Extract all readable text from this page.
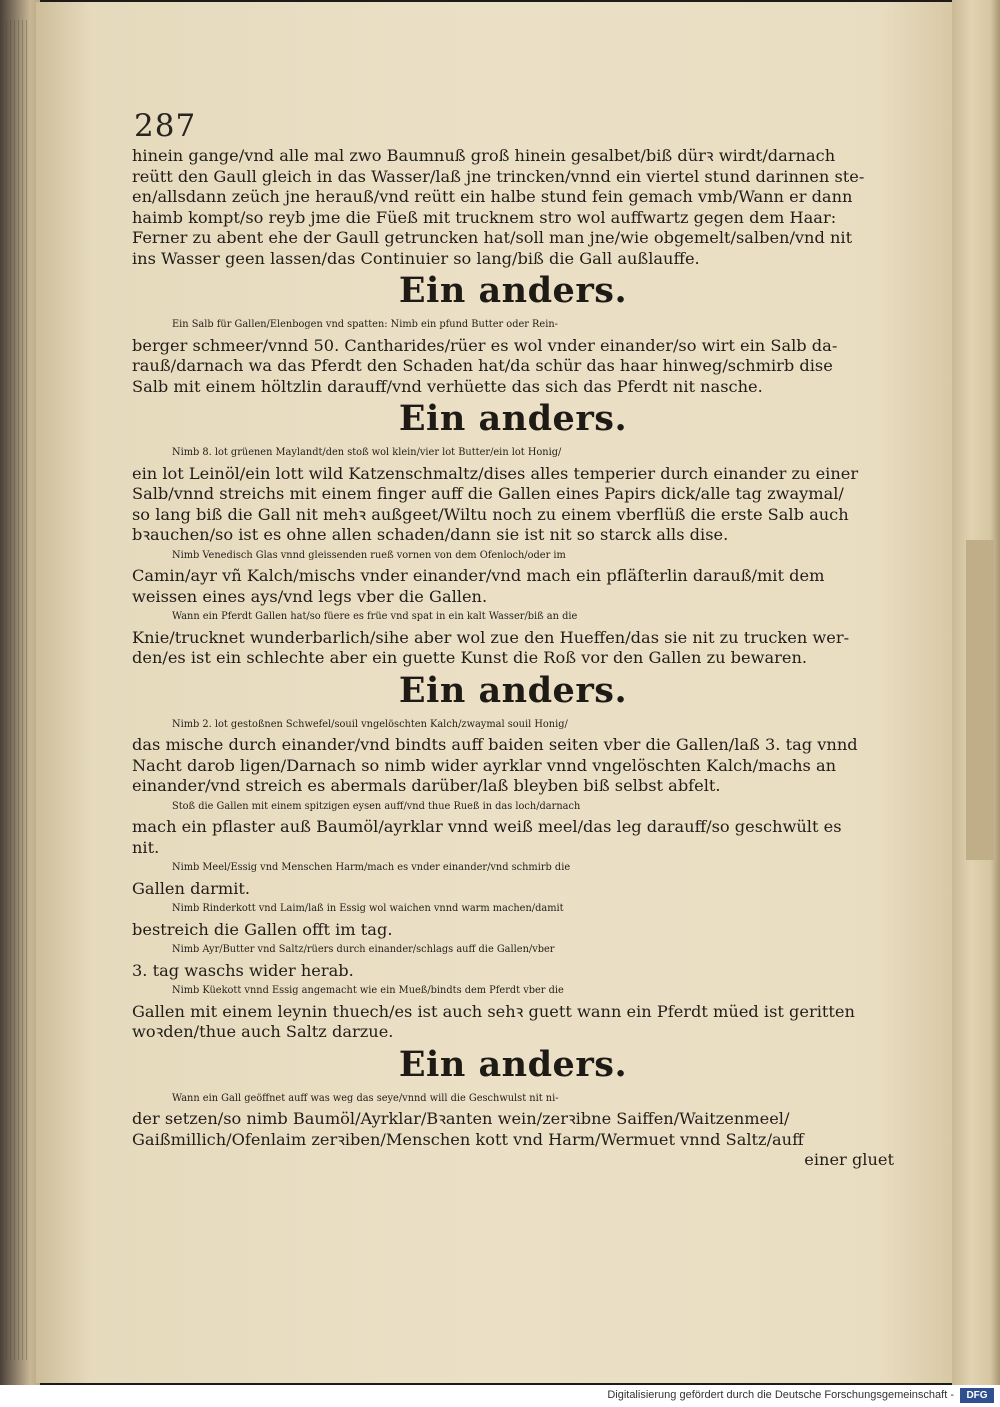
287
hinein gange/vnd alle mal zwo Baumnuß groß hinein gesalbet/biß dürꝛ wirdt/darnach
reütt den Gaull gleich in das Wasser/laß jne trincken/vnnd ein viertel stund darinnen ste-
en/allsdann zeüch jne herauß/vnd reütt ein halbe stund fein gemach vmb/Wann er dann
haimb kompt/so reyb jme die Füeß mit trucknem stro wol auffwartz gegen dem Haar:
Ferner zu abent ehe der Gaull getruncken hat/soll man jne/wie obgemelt/salben/vnd nit
ins Wasser geen lassen/das Continuier so lang/biß die Gall außlauffe.
Ein anders.
Ein Salb für Gallen/Elenbogen vnd spatten: Nimb ein pfund Butter oder Rein-
berger schmeer/vnnd 50. Cantharides/rüer es wol vnder einander/so wirt ein Salb da-
rauß/darnach wa das Pferdt den Schaden hat/da schür das haar hinweg/schmirb dise
Salb mit einem höltzlin darauff/vnd verhüette das sich das Pferdt nit nasche.
Ein anders.
Nimb 8. lot grüenen Maylandt/den stoß wol klein/vier lot Butter/ein lot Honig/
ein lot Leinöl/ein lott wild Katzenschmaltz/dises alles temperier durch einander zu einer
Salb/vnnd streichs mit einem finger auff die Gallen eines Papirs dick/alle tag zwaymal/
so lang biß die Gall nit mehꝛ außgeet/Wiltu noch zu einem vberflüß die erste Salb auch
bꝛauchen/so ist es ohne allen schaden/dann sie ist nit so starck alls dise.
Nimb Venedisch Glas vnnd gleissenden rueß vornen von dem Ofenloch/oder im
Camin/ayr vñ Kalch/mischs vnder einander/vnd mach ein pfläſterlin darauß/mit dem
weissen eines ays/vnd legs vber die Gallen.
Wann ein Pferdt Gallen hat/so füere es früe vnd spat in ein kalt Wasser/biß an die
Knie/trucknet wunderbarlich/sihe aber wol zue den Hueffen/das sie nit zu trucken wer-
den/es ist ein schlechte aber ein guette Kunst die Roß vor den Gallen zu bewaren.
Ein anders.
Nimb 2. lot gestoßnen Schwefel/souil vngelöschten Kalch/zwaymal souil Honig/
das mische durch einander/vnd bindts auff baiden seiten vber die Gallen/laß 3. tag vnnd
Nacht darob ligen/Darnach so nimb wider ayrklar vnnd vngelöschten Kalch/machs an
einander/vnd streich es abermals darüber/laß bleyben biß selbst abfelt.
Stoß die Gallen mit einem spitzigen eysen auff/vnd thue Rueß in das loch/darnach
mach ein pflaster auß Baumöl/ayrklar vnnd weiß meel/das leg darauff/so geschwült es
nit.
Nimb Meel/Essig vnd Menschen Harm/mach es vnder einander/vnd schmirb die
Gallen darmit.
Nimb Rinderkott vnd Laim/laß in Essig wol waichen vnnd warm machen/damit
bestreich die Gallen offt im tag.
Nimb Ayr/Butter vnd Saltz/rüers durch einander/schlags auff die Gallen/vber
3. tag waschs wider herab.
Nimb Küekott vnnd Essig angemacht wie ein Mueß/bindts dem Pferdt vber die
Gallen mit einem leynin thuech/es ist auch sehꝛ guett wann ein Pferdt müed ist geritten
woꝛden/thue auch Saltz darzue.
Ein anders.
Wann ein Gall geöffnet auff was weg das seye/vnnd will die Geschwulst nit ni-
der setzen/so nimb Baumöl/Ayrklar/Bꝛanten wein/zerꝛibne Saiffen/Waitzenmeel/
Gaißmillich/Ofenlaim zerꝛiben/Menschen kott vnd Harm/Wermuet vnnd Saltz/auff
einer gluet
Digitalisierung gefördert durch die Deutsche Forschungsgemeinschaft -	DFG
